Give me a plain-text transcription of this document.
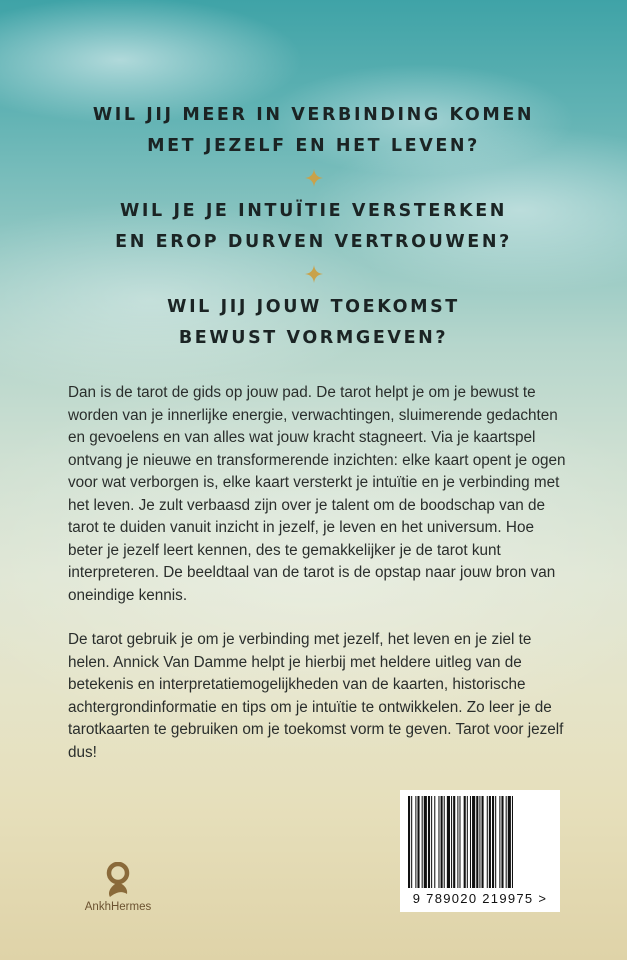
WIL JIJ MEER IN VERBINDING KOMEN

MET JEZELF EN HET LEVEN?

WIL JE JE INTUÏTIE VERSTERKEN

EN EROP DURVEN VERTROUWEN?

WIL JIJ JOUW TOEKOMST

BEWUST VORMGEVEN?

Dan is de tarot de gids op jouw pad. De tarot helpt je om je bewust te worden van je innerlijke energie, verwachtingen, sluimerende gedachten en gevoelens en van alles wat jouw kracht stagneert. Via je kaartspel ontvang je nieuwe en transformerende inzichten: elke kaart opent je ogen voor wat verborgen is, elke kaart versterkt je intuïtie en je verbinding met het leven. Je zult verbaasd zijn over je talent om de boodschap van de tarot te duiden vanuit inzicht in jezelf, je leven en het universum. Hoe beter je jezelf leert kennen, des te gemakkelijker je de tarot kunt interpreteren. De beeldtaal van de tarot is de opstap naar jouw bron van oneindige kennis.

De tarot gebruik je om je verbinding met jezelf, het leven en je ziel te helen. Annick Van Damme helpt je hierbij met heldere uitleg van de betekenis en interpretatiemogelijkheden van de kaarten, historische achtergrondinformatie en tips om je intuïtie te ontwikkelen. Zo leer je de tarotkaarten te gebruiken om je toekomst vorm te geven. Tarot voor jezelf dus!

9 789020 219975 >
AnkhHermes
